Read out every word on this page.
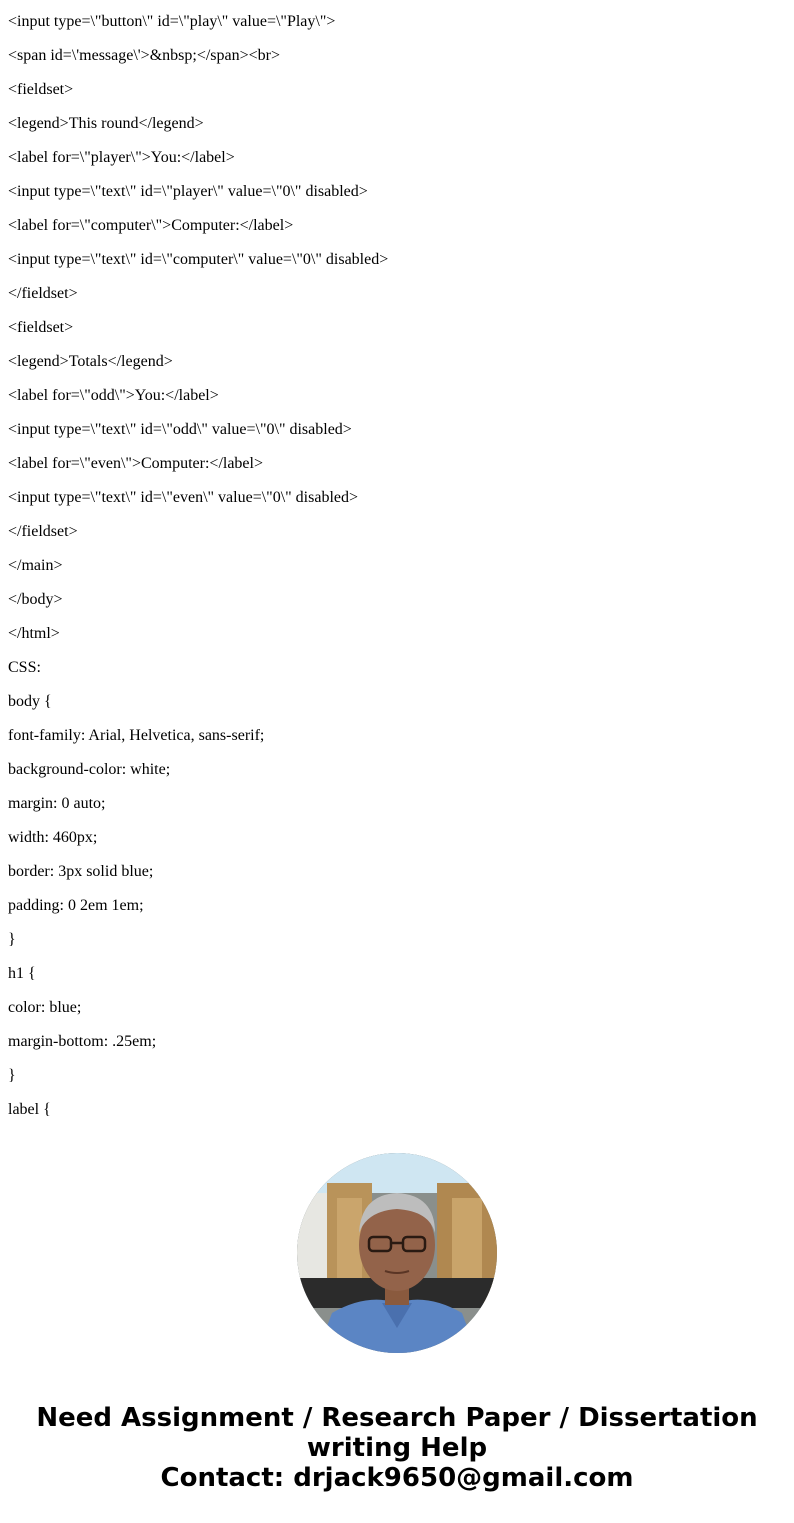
<input type=\"button\" id=\"play\" value=\"Play\">
<span id=\'message\'>&nbsp;</span><br>
<fieldset>
<legend>This round</legend>
<label for=\"player\">You:</label>
<input type=\"text\" id=\"player\" value=\"0\" disabled>
<label for=\"computer\">Computer:</label>
<input type=\"text\" id=\"computer\" value=\"0\" disabled>
</fieldset>
<fieldset>
<legend>Totals</legend>
<label for=\"odd\">You:</label>
<input type=\"text\" id=\"odd\" value=\"0\" disabled>
<label for=\"even\">Computer:</label>
<input type=\"text\" id=\"even\" value=\"0\" disabled>
</fieldset>
</main>
</body>
</html>
CSS:
body {
font-family: Arial, Helvetica, sans-serif;
background-color: white;
margin: 0 auto;
width: 460px;
border: 3px solid blue;
padding: 0 2em 1em;
}
h1 {
color: blue;
margin-bottom: .25em;
}
label {
Need Assignment / Research Paper / Dissertation
writing Help
Contact: drjack9650@gmail.com
